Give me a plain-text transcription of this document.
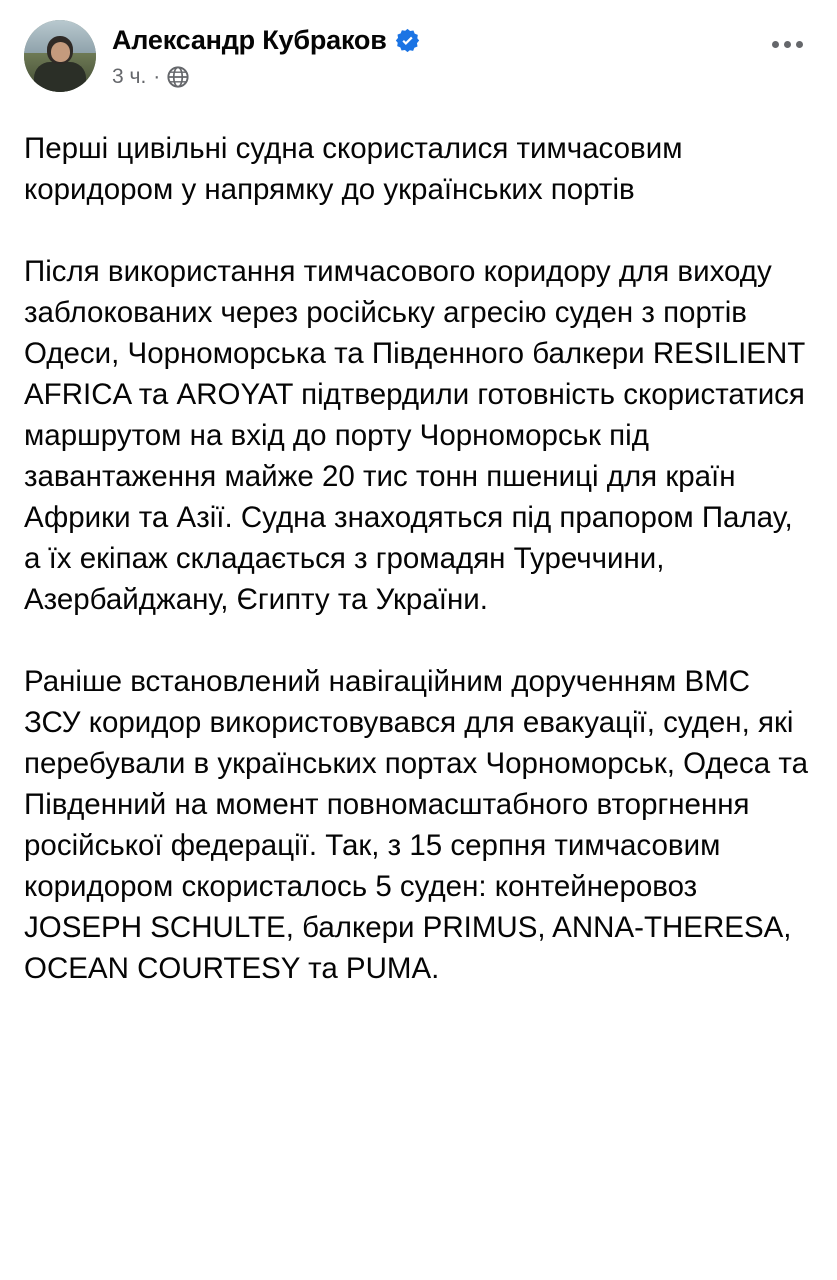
Александр Кубраков
3 ч. ·

Перші цивільні судна скористалися тимчасовим коридором у напрямку до українських портів

Після використання тимчасового коридору для виходу заблокованих через російську агресію суден з портів Одеси, Чорноморська та Південного балкери RESILIENT AFRICA та AROYAT підтвердили готовність скористатися маршрутом на вхід до порту Чорноморськ під завантаження майже 20 тис тонн пшениці для країн Африки та Азії. Судна знаходяться під прапором Палау, а їх екіпаж складається з громадян Туреччини, Азербайджану, Єгипту та України.

Раніше встановлений навігаційним дорученням ВМС ЗСУ коридор використовувався для евакуації, суден, які перебували в українських портах Чорноморськ, Одеса та Південний на момент повномасштабного вторгнення російської федерації. Так, з 15 серпня тимчасовим коридором скористалось 5 суден: контейнеровоз JOSEPH SCHULTE, балкери PRIMUS, ANNA-THERESA, OCEAN COURTESY та PUMA.
